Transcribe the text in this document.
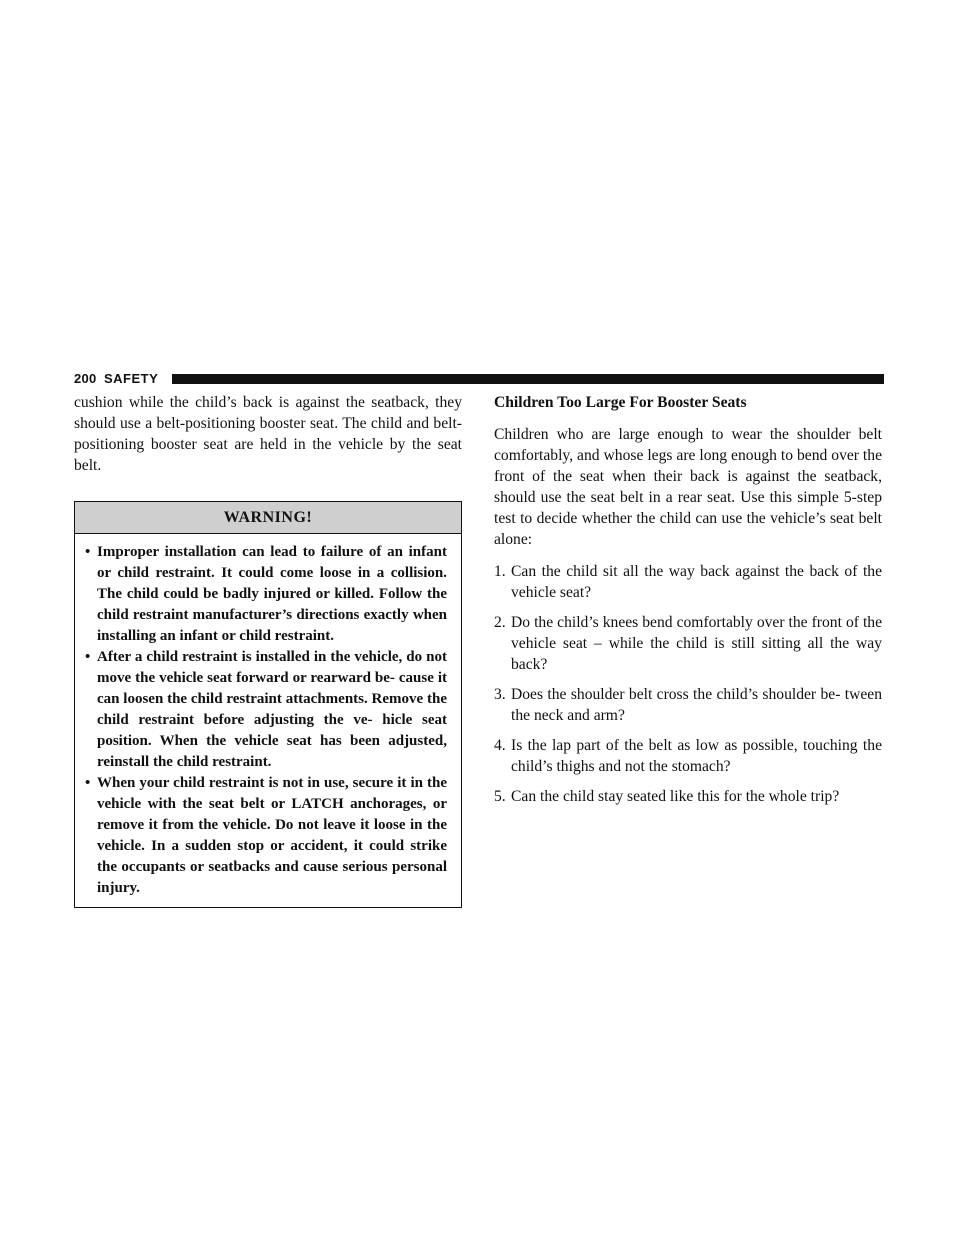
200 SAFETY

cushion while the child’s back is against the seatback, they should use a belt-positioning booster seat. The child and belt-positioning booster seat are held in the vehicle by the seat belt.

WARNING!
• Improper installation can lead to failure of an infant or child restraint. It could come loose in a collision. The child could be badly injured or killed. Follow the child restraint manufacturer’s directions exactly when installing an infant or child restraint.
• After a child restraint is installed in the vehicle, do not move the vehicle seat forward or rearward be- cause it can loosen the child restraint attachments. Remove the child restraint before adjusting the ve- hicle seat position. When the vehicle seat has been adjusted, reinstall the child restraint.
• When your child restraint is not in use, secure it in the vehicle with the seat belt or LATCH anchorages, or remove it from the vehicle. Do not leave it loose in the vehicle. In a sudden stop or accident, it could strike the occupants or seatbacks and cause serious personal injury.
Children Too Large For Booster Seats

Children who are large enough to wear the shoulder belt comfortably, and whose legs are long enough to bend over the front of the seat when their back is against the seatback, should use the seat belt in a rear seat. Use this simple 5-step test to decide whether the child can use the vehicle’s seat belt alone:

1. Can the child sit all the way back against the back of the vehicle seat?
2. Do the child’s knees bend comfortably over the front of the vehicle seat – while the child is still sitting all the way back?
3. Does the shoulder belt cross the child’s shoulder be- tween the neck and arm?
4. Is the lap part of the belt as low as possible, touching the child’s thighs and not the stomach?
5. Can the child stay seated like this for the whole trip?
